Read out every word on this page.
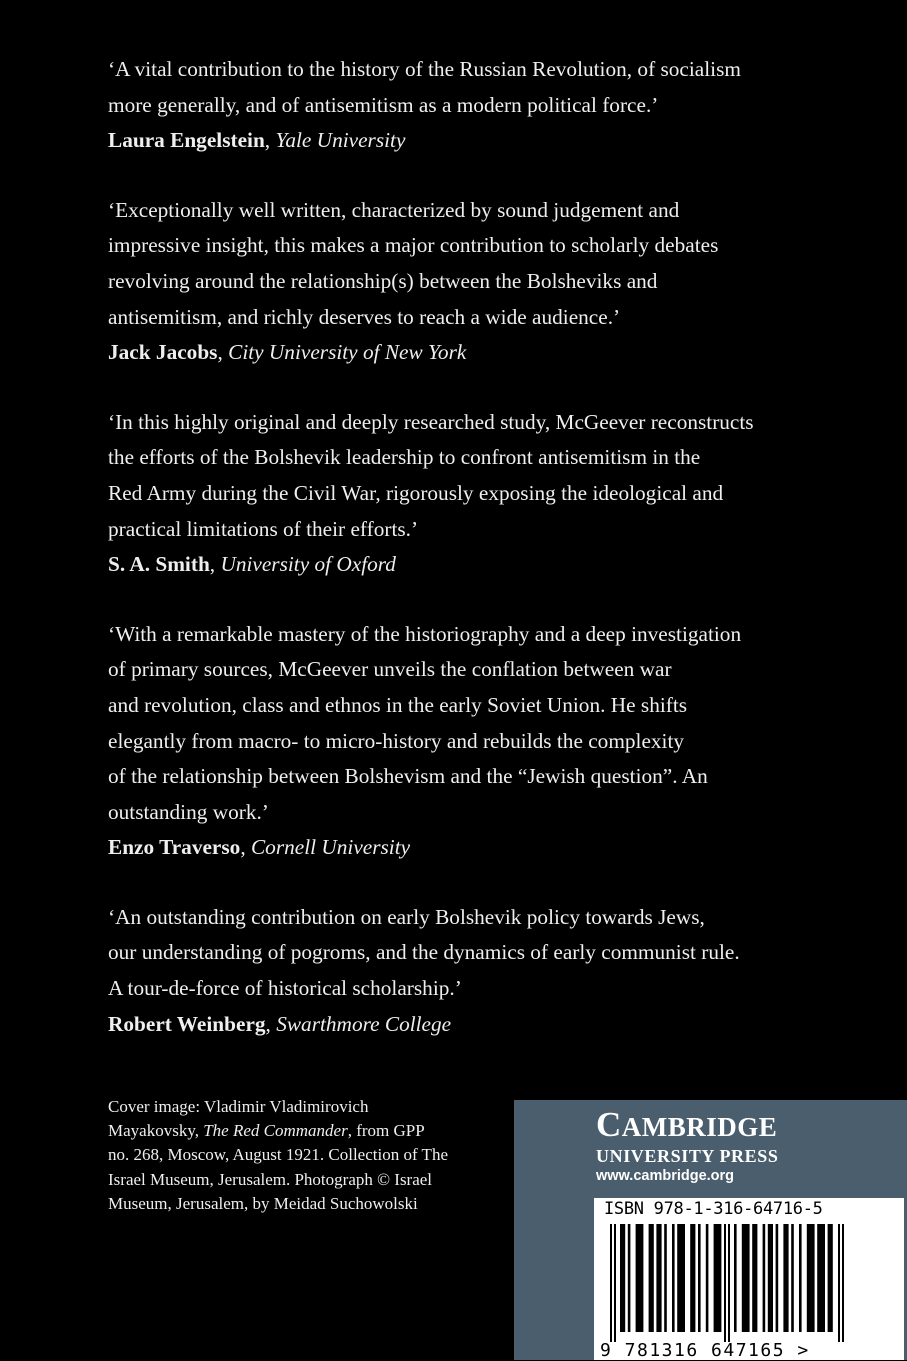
‘A vital contribution to the history of the Russian Revolution, of socialism

more generally, and of antisemitism as a modern political force.’

Laura Engelstein, Yale University

‘Exceptionally well written, characterized by sound judgement and

impressive insight, this makes a major contribution to scholarly debates

revolving around the relationship(s) between the Bolsheviks and

antisemitism, and richly deserves to reach a wide audience.’

Jack Jacobs, City University of New York

‘In this highly original and deeply researched study, McGeever reconstructs

the efforts of the Bolshevik leadership to confront antisemitism in the

Red Army during the Civil War, rigorously exposing the ideological and

practical limitations of their efforts.’

S. A. Smith, University of Oxford

‘With a remarkable mastery of the historiography and a deep investigation

of primary sources, McGeever unveils the conflation between war

and revolution, class and ethnos in the early Soviet Union. He shifts

elegantly from macro- to micro-history and rebuilds the complexity

of the relationship between Bolshevism and the “Jewish question”. An

outstanding work.’

Enzo Traverso, Cornell University

‘An outstanding contribution on early Bolshevik policy towards Jews,

our understanding of pogroms, and the dynamics of early communist rule.

A tour-de-force of historical scholarship.’

Robert Weinberg, Swarthmore College
Cover image: Vladimir Vladimirovich
Mayakovsky, The Red Commander, from GPP
no. 268, Moscow, August 1921. Collection of The
Israel Museum, Jerusalem. Photograph © Israel
Museum, Jerusalem, by Meidad Suchowolski
CAMBRIDGE
UNIVERSITY PRESS
www.cambridge.org
ISBN 978-1-316-64716-5
9 781316 647165 >
